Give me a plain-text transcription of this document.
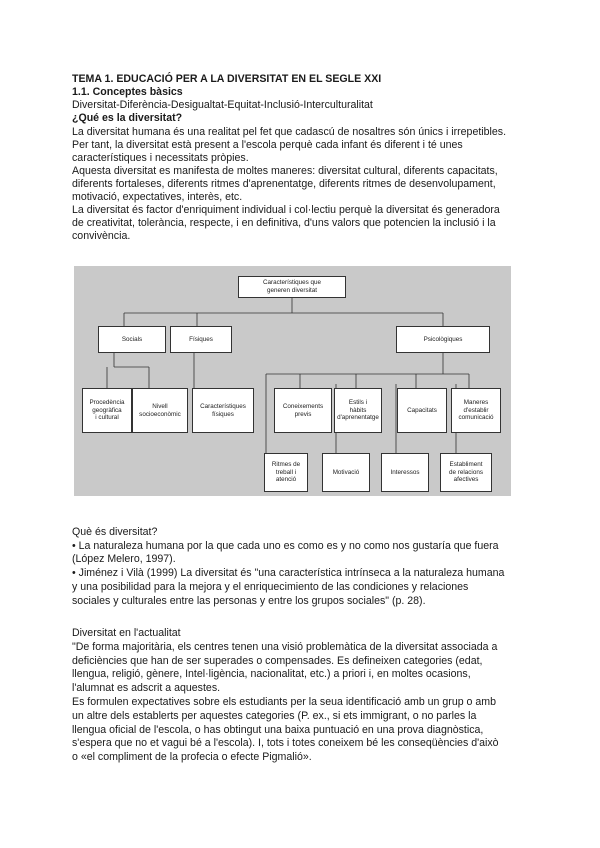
TEMA 1. EDUCACIÓ PER A LA DIVERSITAT EN EL SEGLE XXI
1.1. Conceptes bàsics
Diversitat-Diferència-Desigualtat-Equitat-Inclusió-Interculturalitat
¿Qué es la diversitat?
La diversitat humana és una realitat pel fet que cadascú de nosaltres són únics i irrepetibles.
Per tant, la diversitat està present a l'escola perquè cada infant és diferent i té unes
característiques i necessitats pròpies.
Aquesta diversitat es manifesta de moltes maneres: diversitat cultural, diferents capacitats,
diferents fortaleses, diferents ritmes d'aprenentatge, diferents ritmes de desenvolupament,
motivació, expectatives, interès, etc.
La diversitat és factor d'enriquiment individual i col·lectiu perquè la diversitat és generadora
de creativitat, tolerància, respecte, i en definitiva, d'uns valors que potencien la inclusió i la
convivència.
Característiques que
generen diversitat
Socials	Físiques	Psicològiques
Procedència
geogràfica
i cultural
Nivell
socioeconòmic
Característiques
físiques
Coneixements
previs
Estils i
hàbits
d'aprenentatge
Capacitats
Maneres
d'establir
comunicació
Ritmes de
treball i
atenció
Motivació	Interessos
Establiment
de relacions
afectives
Què és diversitat?
• La naturaleza humana por la que cada uno es como es y no como nos gustaría que fuera
(López Melero, 1997).
• Jiménez i Vilà (1999) La diversitat és "una característica intrínseca a la naturaleza humana
y una posibilidad para la mejora y el enriquecimiento de las condiciones y relaciones
sociales y culturales entre las personas y entre los grupos sociales" (p. 28).
Diversitat en l'actualitat
"De forma majoritària, els centres tenen una visió problemàtica de la diversitat associada a
deficiències que han de ser superades o compensades. Es defineixen categories (edat,
llengua, religió, gènere, Intel·ligència, nacionalitat, etc.) a priori i, en moltes ocasions,
l'alumnat es adscrit a aquestes.
Es formulen expectatives sobre els estudiants per la seua identificació amb un grup o amb
un altre dels establerts per aquestes categories (P. ex., si ets immigrant, o no parles la
llengua oficial de l'escola, o has obtingut una baixa puntuació en una prova diagnòstica,
s'espera que no et vagui bé a l'escola). I, tots i totes coneixem bé les conseqüències d'això
o «el compliment de la profecia o efecte Pigmalió».
